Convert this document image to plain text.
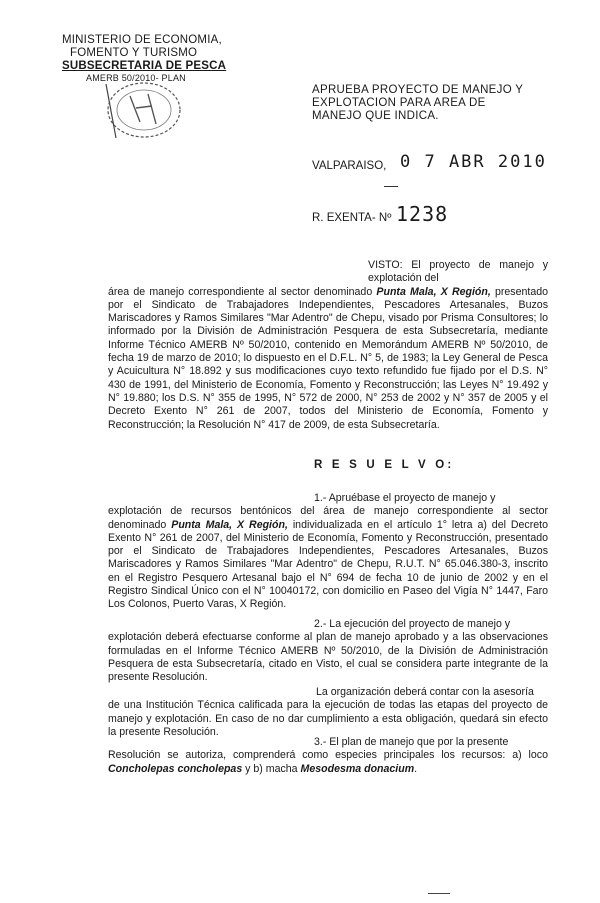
MINISTERIO DE ECONOMIA,
FOMENTO Y TURISMO
SUBSECRETARIA DE PESCA
AMERB 50/2010- PLAN
APRUEBA PROYECTO DE MANEJO Y EXPLOTACION PARA AREA DE MANEJO QUE INDICA.
VALPARAISO, 0 7 ABR 2010
R. EXENTA- Nº 1238
VISTO: El proyecto de manejo y explotación del
área de manejo correspondiente al sector denominado Punta Mala, X Región, presentado por el Sindicato de Trabajadores Independientes, Pescadores Artesanales, Buzos Mariscadores y Ramos Similares "Mar Adentro" de Chepu, visado por Prisma Consultores; lo informado por la División de Administración Pesquera de esta Subsecretaría, mediante Informe Técnico AMERB Nº 50/2010, contenido en Memorándum AMERB Nº 50/2010, de fecha 19 de marzo de 2010; lo dispuesto en el D.F.L. N° 5, de 1983; la Ley General de Pesca y Acuicultura N° 18.892 y sus modificaciones cuyo texto refundido fue fijado por el D.S. N° 430 de 1991, del Ministerio de Economía, Fomento y Reconstrucción; las Leyes N° 19.492 y N° 19.880; los D.S. N° 355 de 1995, N° 572 de 2000, N° 253 de 2002 y N° 357 de 2005 y el Decreto Exento N° 261 de 2007, todos del Ministerio de Economía, Fomento y Reconstrucción; la Resolución N° 417 de 2009, de esta Subsecretaría.
R E S U E L V O:
1.- Apruébase el proyecto de manejo y
explotación de recursos bentónicos del área de manejo correspondiente al sector denominado Punta Mala, X Región, individualizada en el artículo 1° letra a) del Decreto Exento N° 261 de 2007, del Ministerio de Economía, Fomento y Reconstrucción, presentado por el Sindicato de Trabajadores Independientes, Pescadores Artesanales, Buzos Mariscadores y Ramos Similares "Mar Adentro" de Chepu, R.U.T. N° 65.046.380-3, inscrito en el Registro Pesquero Artesanal bajo el N° 694 de fecha 10 de junio de 2002 y en el Registro Sindical Único con el N° 10040172, con domicilio en Paseo del Vigía N° 1447, Faro Los Colonos, Puerto Varas, X Región.
2.- La ejecución del proyecto de manejo y
explotación deberá efectuarse conforme al plan de manejo aprobado y a las observaciones formuladas en el Informe Técnico AMERB Nº 50/2010, de la División de Administración Pesquera de esta Subsecretaría, citado en Visto, el cual se considera parte integrante de la presente Resolución.
La organización deberá contar con la asesoría
de una Institución Técnica calificada para la ejecución de todas las etapas del proyecto de manejo y explotación. En caso de no dar cumplimiento a esta obligación, quedará sin efecto la presente Resolución.
3.- El plan de manejo que por la presente
Resolución se autoriza, comprenderá como especies principales los recursos: a) loco Concholepas concholepas y b) macha Mesodesma donacium.
